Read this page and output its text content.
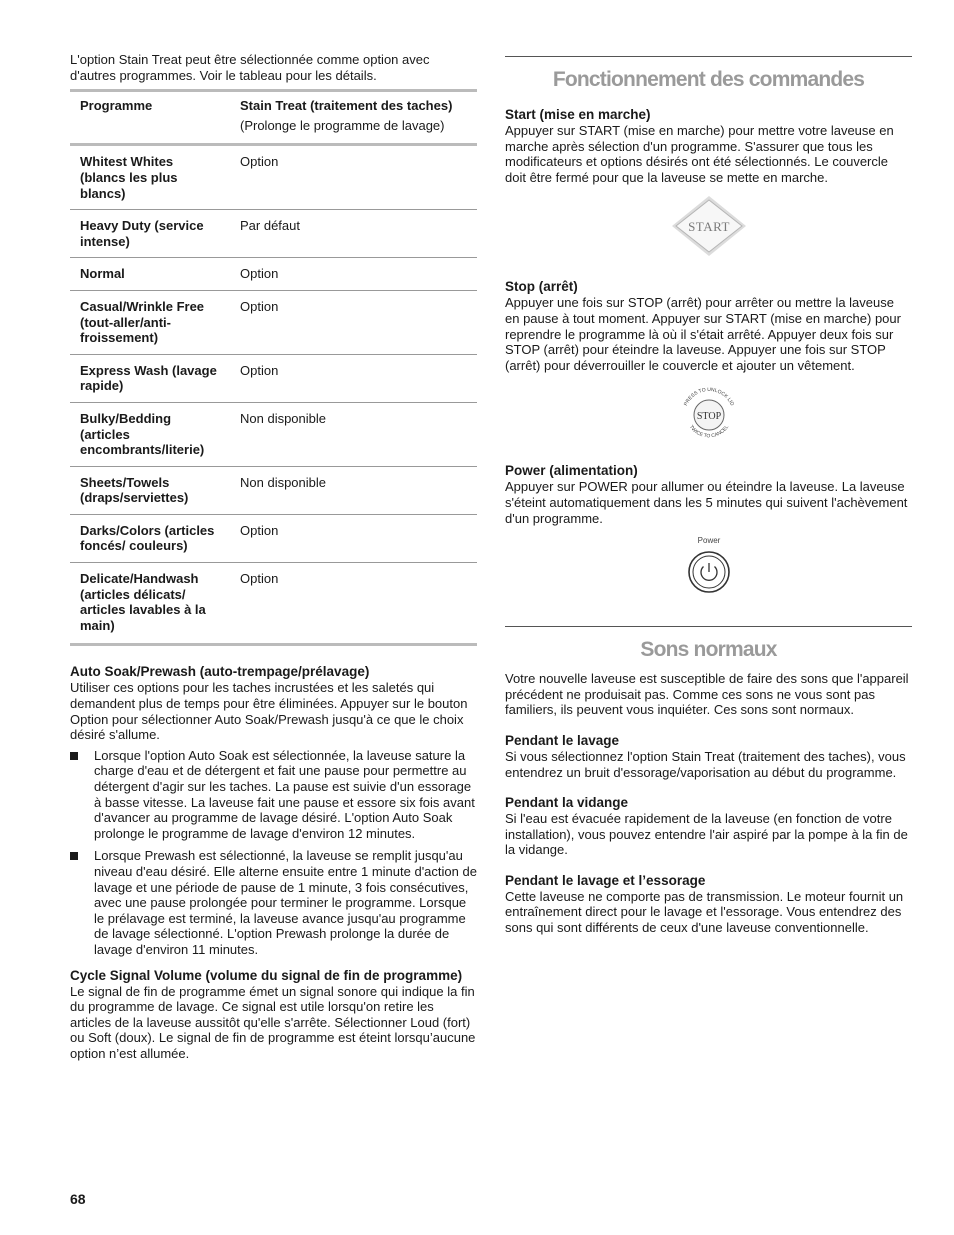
L'option Stain Treat peut être sélectionnée comme option avec d'autres programmes. Voir le tableau pour les détails.

Programme	Stain Treat (traitement des taches)
(Prolonge le programme de lavage)

Whitest Whites (blancs les plus blancs)	Option
Heavy Duty (service intense)	Par défaut
Normal	Option
Casual/Wrinkle Free (tout-aller/anti-froissement)	Option
Express Wash (lavage rapide)	Option
Bulky/Bedding (articles encombrants/literie)	Non disponible
Sheets/Towels (draps/serviettes)	Non disponible
Darks/Colors (articles foncés/ couleurs)	Option
Delicate/Handwash (articles délicats/ articles lavables à la main)	Option
Auto Soak/Prewash (auto-trempage/prélavage)

Utiliser ces options pour les taches incrustées et les saletés qui demandent plus de temps pour être éliminées. Appuyer sur le bouton Option pour sélectionner Auto Soak/Prewash jusqu'à ce que le choix désiré s'allume.

Lorsque l'option Auto Soak est sélectionnée, la laveuse sature la charge d'eau et de détergent et fait une pause pour permettre au détergent d'agir sur les taches. La pause est suivie d'un essorage à basse vitesse. La laveuse fait une pause et essore six fois avant d'avancer au programme de lavage désiré. L'option Auto Soak prolonge le programme de lavage d'environ 12 minutes.
Lorsque Prewash est sélectionné, la laveuse se remplit jusqu'au niveau d'eau désiré. Elle alterne ensuite entre 1 minute d'action de lavage et une période de pause de 1 minute, 3 fois consécutives, avec une pause prolongée pour terminer le programme. Lorsque le prélavage est terminé, la laveuse avance jusqu'au programme de lavage sélectionné. L'option Prewash prolonge la durée de lavage d'environ 11 minutes.
Cycle Signal Volume (volume du signal de fin de programme)

Le signal de fin de programme émet un signal sonore qui indique la fin du programme de lavage. Ce signal est utile lorsqu'on retire les articles de la laveuse aussitôt qu'elle s'arrête. Sélectionner Loud (fort) ou Soft (doux). Le signal de fin de programme est éteint lorsqu’aucune option n’est allumée.

Fonctionnement des commandes
Start (mise en marche)

Appuyer sur START (mise en marche) pour mettre votre laveuse en marche après sélection d'un programme. S'assurer que tous les modificateurs et options désirés ont été sélectionnés. Le couvercle doit être fermé pour que la laveuse se mette en marche.

START
Stop (arrêt)

Appuyer une fois sur STOP (arrêt) pour arrêter ou mettre la laveuse en pause à tout moment. Appuyer sur START (mise en marche) pour reprendre le programme là où il s'était arrêté. Appuyer deux fois sur STOP (arrêt) pour éteindre la laveuse. Appuyer une fois sur STOP (arrêt) pour déverrouiller le couvercle et ajouter un vêtement.

STOP
PRESS TO UNLOCK LID
TWICE TO CANCEL
Power (alimentation)

Appuyer sur POWER pour allumer ou éteindre la laveuse. La laveuse s'éteint automatiquement dans les 5 minutes qui suivent l'achèvement d'un programme.

Power
Sons normaux

Votre nouvelle laveuse est susceptible de faire des sons que l'appareil précédent ne produisait pas. Comme ces sons ne vous sont pas familiers, ils peuvent vous inquiéter. Ces sons sont normaux.

Pendant le lavage

Si vous sélectionnez l'option Stain Treat (traitement des taches), vous entendrez un bruit d'essorage/vaporisation au début du programme.

Pendant la vidange

Si l'eau est évacuée rapidement de la laveuse (en fonction de votre installation), vous pouvez entendre l'air aspiré par la pompe à la fin de la vidange.

Pendant le lavage et l’essorage

Cette laveuse ne comporte pas de transmission. Le moteur fournit un entraînement direct pour le lavage et l'essorage. Vous entendrez des sons qui sont différents de ceux d'une laveuse conventionnelle.

68
